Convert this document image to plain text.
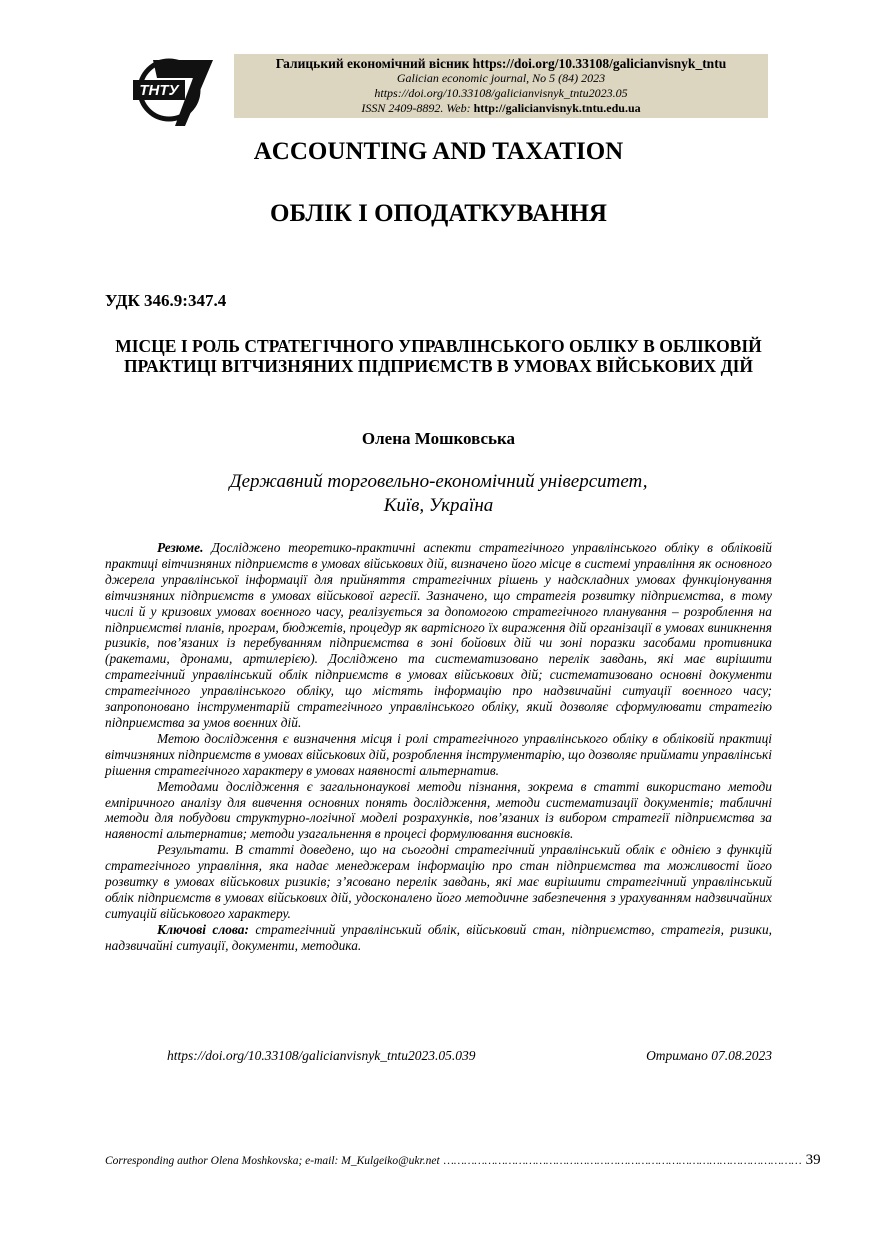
ТНТУ
Галицький економічний вісник https://doi.org/10.33108/galicianvisnyk_tntu
Galician economic journal, No 5 (84) 2023
https://doi.org/10.33108/galicianvisnyk_tntu2023.05
ISSN 2409-8892. Web: http://galicianvisnyk.tntu.edu.ua
ACCOUNTING AND TAXATION
ОБЛІК І ОПОДАТКУВАННЯ
УДК 346.9:347.4
МІСЦЕ І РОЛЬ СТРАТЕГІЧНОГО УПРАВЛІНСЬКОГО ОБЛІКУ В ОБЛІКОВІЙ ПРАКТИЦІ ВІТЧИЗНЯНИХ ПІДПРИЄМСТВ В УМОВАХ ВІЙСЬКОВИХ ДІЙ
Олена Мошковська
Державний торговельно-економічний університет,
Київ, Україна

Резюме. Досліджено теоретико-практичні аспекти стратегічного управлінського обліку в обліковій практиці вітчизняних підприємств в умовах військових дій, визначено його місце в системі управління як основного джерела управлінської інформації для прийняття стратегічних рішень у надскладних умовах функціонування вітчизняних підприємств в умовах військової агресії. Зазначено, що стратегія розвитку підприємства, в тому числі й у кризових умовах воєнного часу, реалізується за допомогою стратегічного планування – розроблення на підприємстві планів, програм, бюджетів, процедур як вартісного їх вираження дій організації в умовах виникнення ризиків, пов’язаних із перебуванням підприємства в зоні бойових дій чи зоні поразки засобами противника (ракетами, дронами, артилерією). Досліджено та систематизовано перелік завдань, які має вирішити стратегічний управлінський облік підприємств в умовах військових дій; систематизовано основні документи стратегічного управлінського обліку, що містять інформацію про надзвичайні ситуації воєнного часу; запропоновано інструментарій стратегічного управлінського обліку, який дозволяє сформулювати стратегію підприємства за умов воєнних дій.

Метою дослідження є визначення місця і ролі стратегічного управлінського обліку в обліковій практиці вітчизняних підприємств в умовах військових дій, розроблення інструментарію, що дозволяє приймати управлінські рішення стратегічного характеру в умовах наявності альтернатив.

Методами дослідження є загальнонаукові методи пізнання, зокрема в статті використано методи емпіричного аналізу для вивчення основних понять дослідження, методи систематизації документів; табличні методи для побудови структурно-логічної моделі розрахунків, пов’язаних із вибором стратегії підприємства за наявності альтернатив; методи узагальнення в процесі формулювання висновків.

Результати. В статті доведено, що на сьогодні стратегічний управлінський облік є однією з функцій стратегічного управління, яка надає менеджерам інформацію про стан підприємства та можливості його розвитку в умовах військових ризиків; з’ясовано перелік завдань, які має вирішити стратегічний управлінський облік підприємств в умовах військових дій, удосконалено його методичне забезпечення з урахуванням надзвичайних ситуацій військового характеру.

Ключові слова: стратегічний управлінський облік, військовий стан, підприємство, стратегія, ризики, надзвичайні ситуації, документи, методика.

https://doi.org/10.33108/galicianvisnyk_tntu2023.05.039	Отримано 07.08.2023
Corresponding author Olena Moshkovska; e-mail: M_Kulgeiko@ukr.net …………………………………………………………………………………………… 39
